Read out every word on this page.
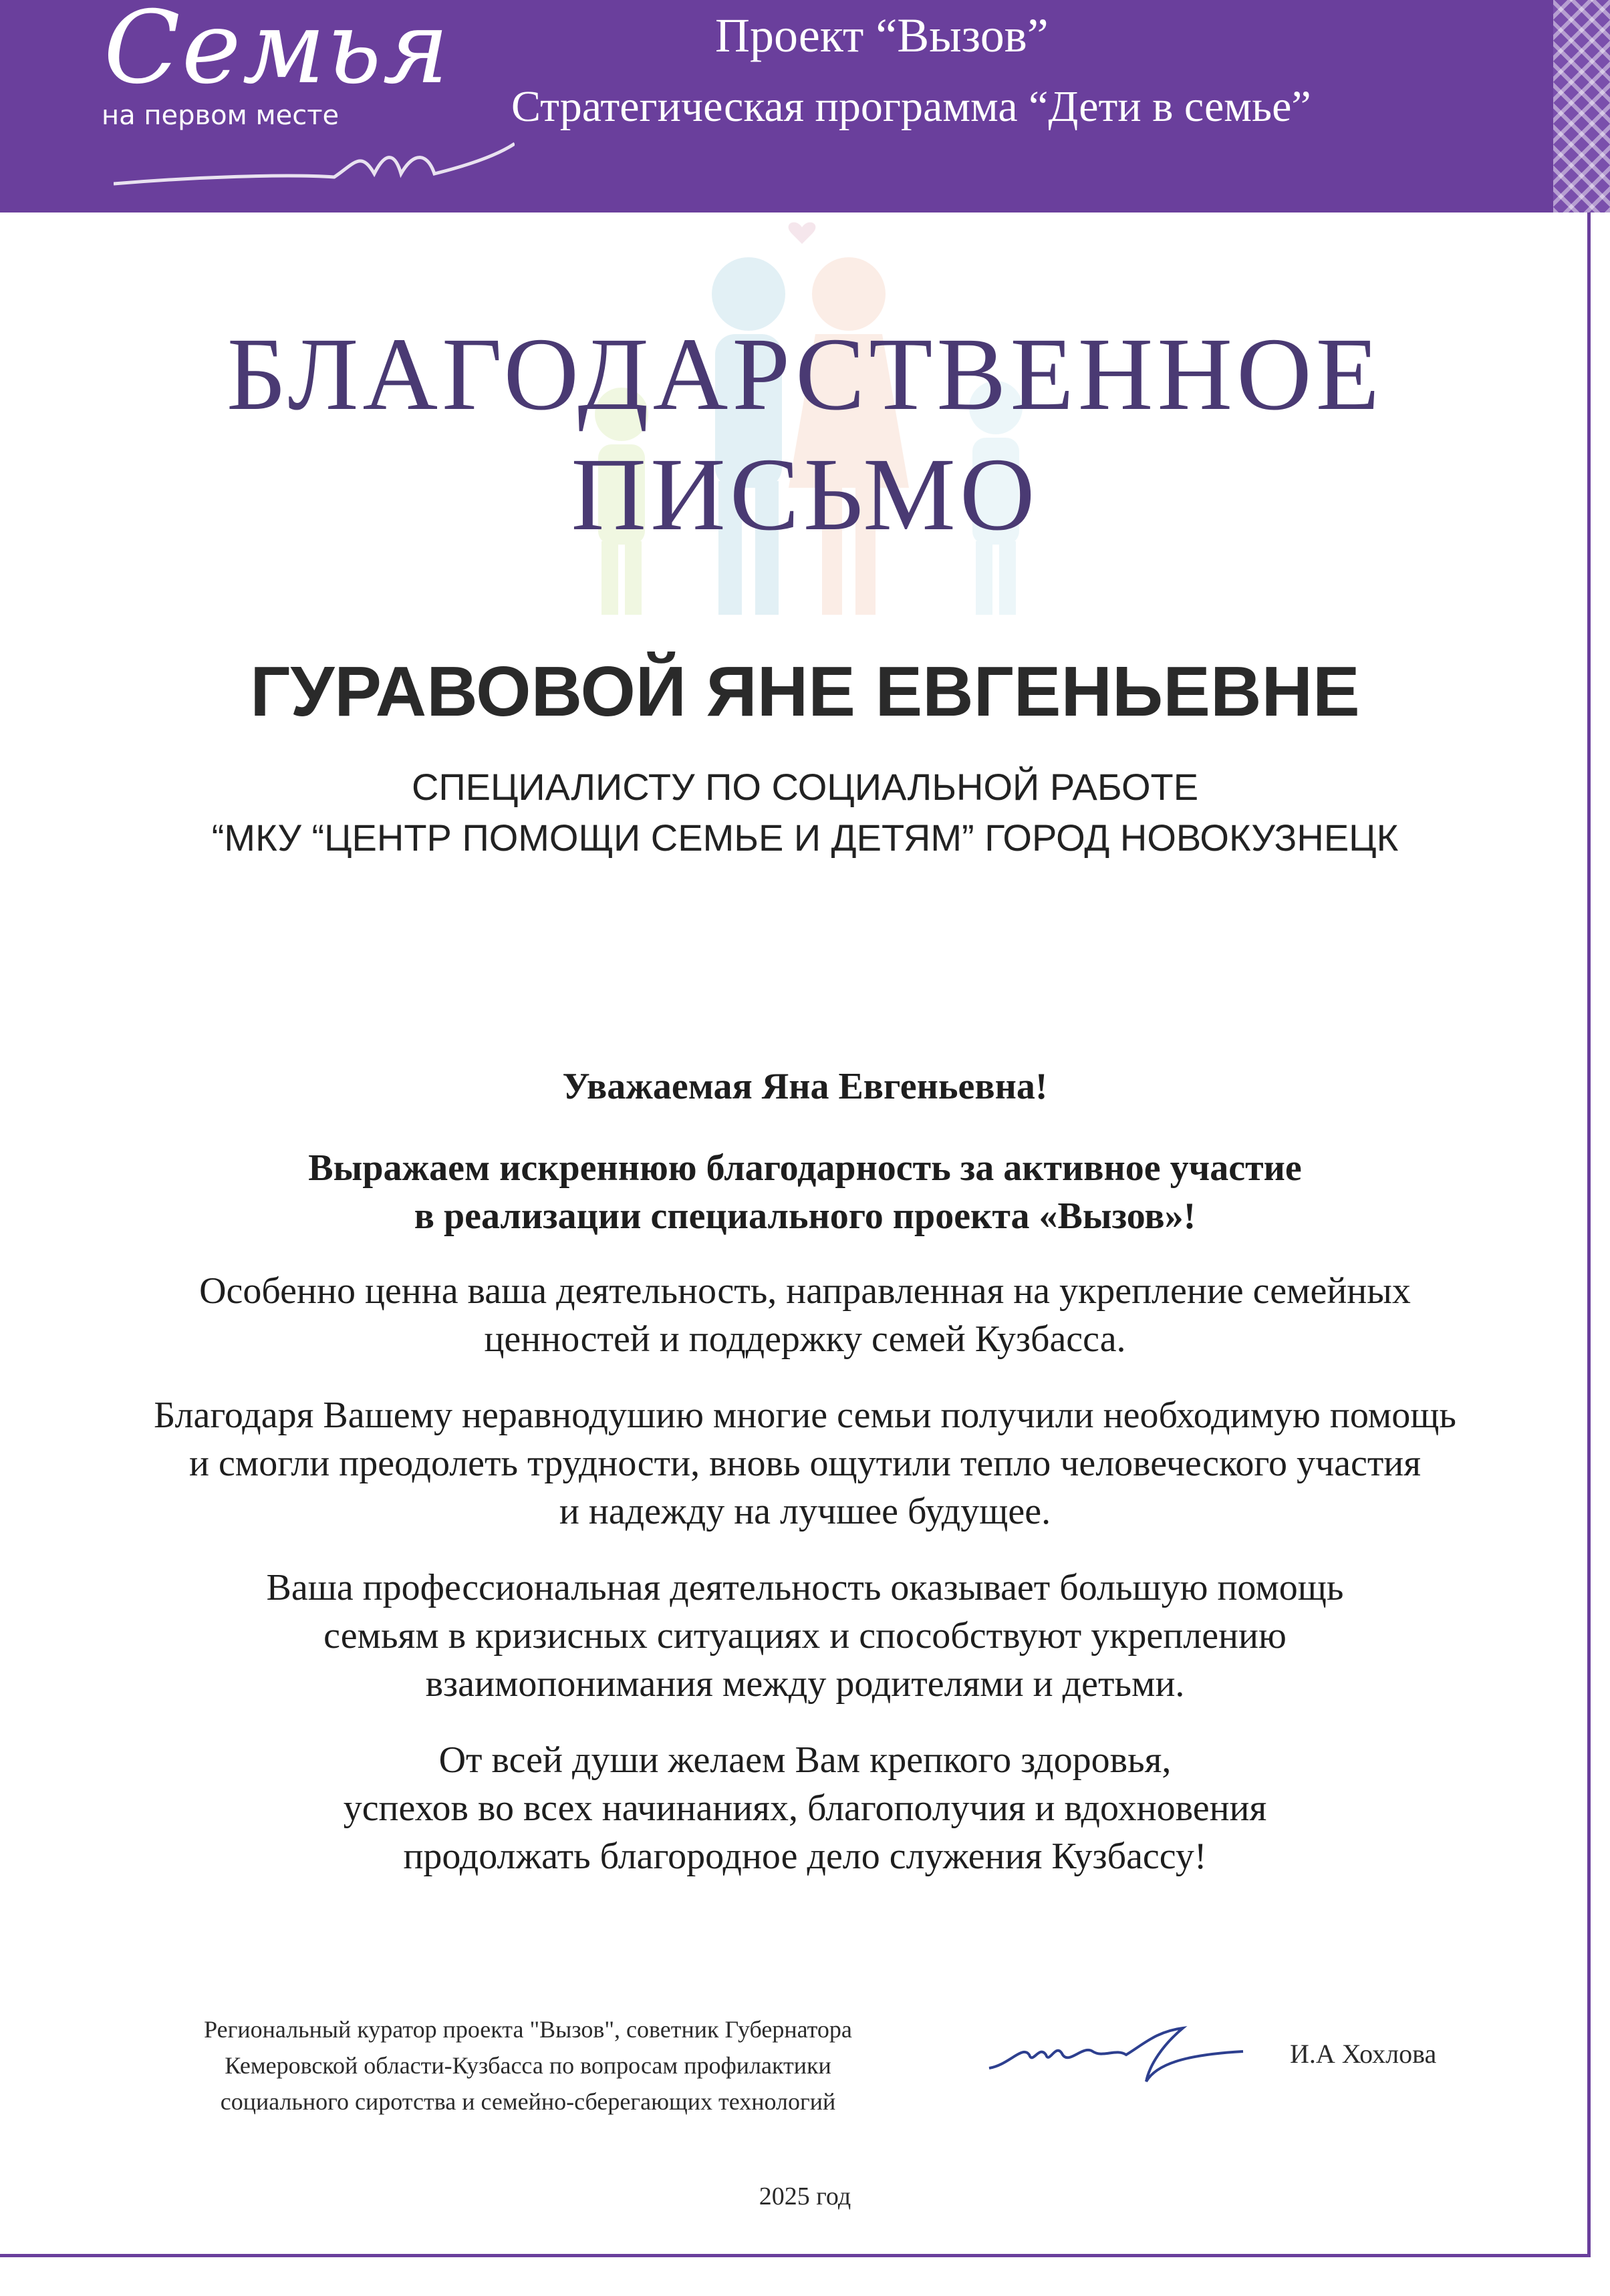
Семья
на первом месте
Проект “Вызов”
Стратегическая программа “Дети в семье”
БЛАГОДАРСТВЕННОЕ ПИСЬМО
ГУРАВОВОЙ ЯНЕ ЕВГЕНЬЕВНЕ
СПЕЦИАЛИСТУ ПО СОЦИАЛЬНОЙ РАБОТЕ
“МКУ “ЦЕНТР ПОМОЩИ СЕМЬЕ И ДЕТЯМ” ГОРОД НОВОКУЗНЕЦК
Уважаемая Яна Евгеньевна!
Выражаем искреннюю благодарность за активное участие
в реализации специального проекта «Вызов»!
Особенно ценна ваша деятельность, направленная на укрепление семейных
ценностей и поддержку семей Кузбасса.
Благодаря Вашему неравнодушию многие семьи получили необходимую помощь
и смогли преодолеть трудности, вновь ощутили тепло человеческого участия
и надежду на лучшее будущее.
Ваша профессиональная деятельность оказывает большую помощь
семьям в кризисных ситуациях и способствуют укреплению
взаимопонимания между родителями и детьми.
От всей души желаем Вам крепкого здоровья,
успехов во всех начинаниях, благополучия и вдохновения
продолжать благородное дело служения Кузбассу!
Региональный куратор проекта "Вызов", советник Губернатора
Кемеровской области-Кузбасса по вопросам профилактики
социального сиротства и семейно-сберегающих технологий
И.А Хохлова
2025 год
